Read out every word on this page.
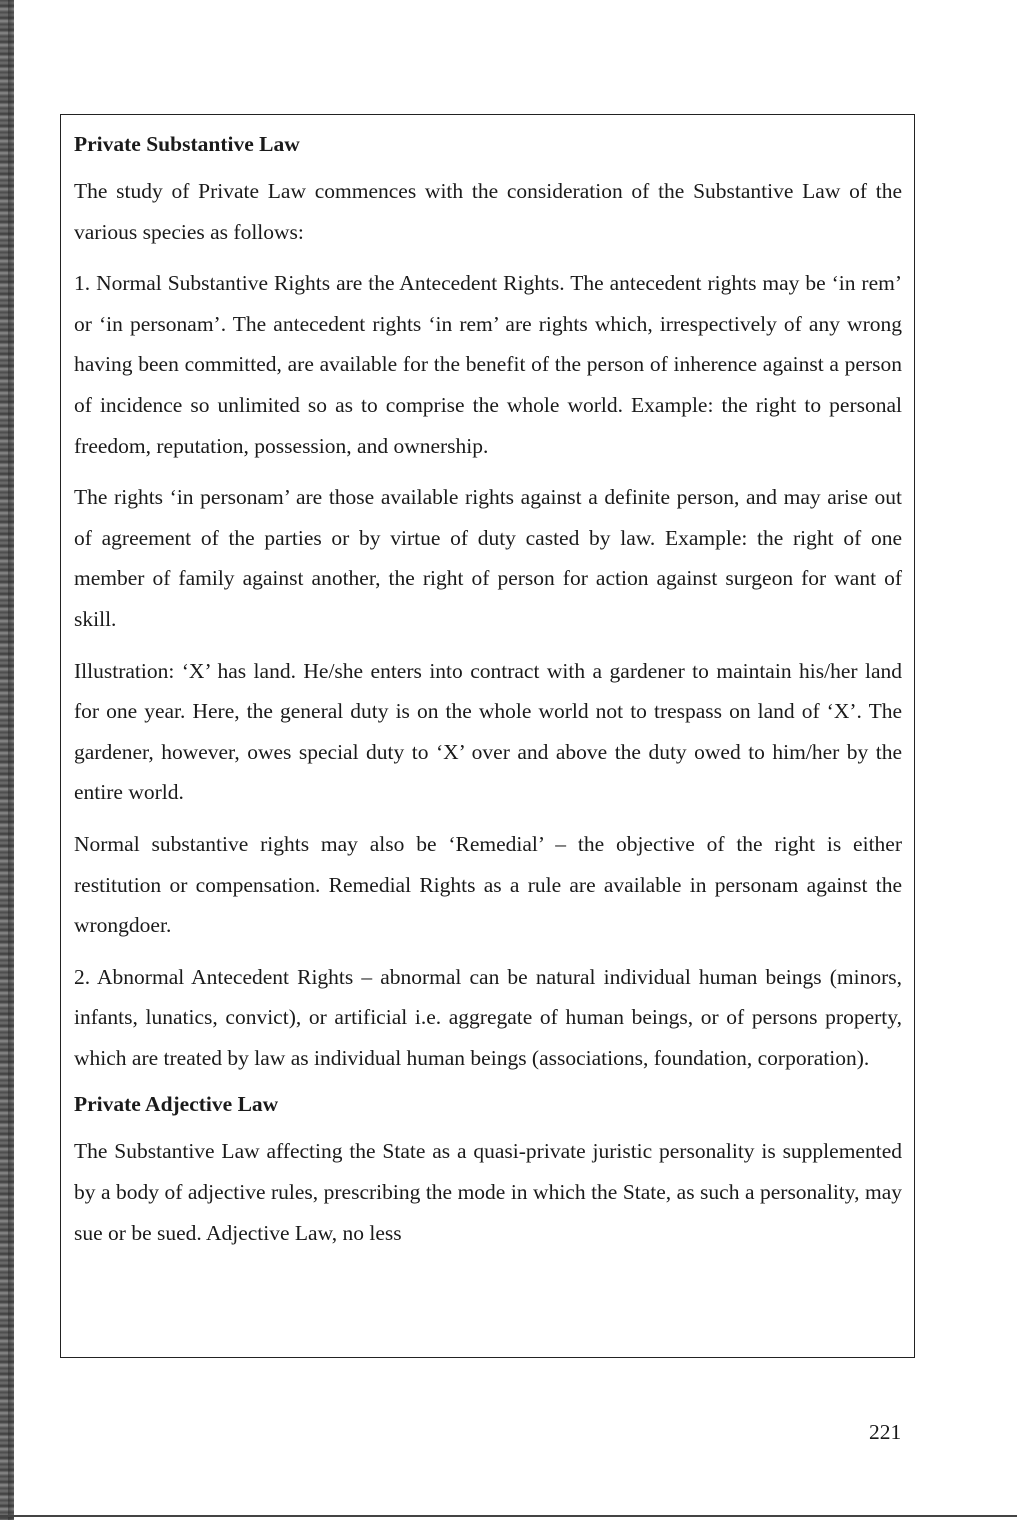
Private Substantive Law

The study of Private Law commences with the consideration of the Substantive Law of the various species as follows:

1. Normal Substantive Rights are the Antecedent Rights. The antecedent rights may be ‘in rem’ or ‘in personam’. The antecedent rights ‘in rem’ are rights which, irrespectively of any wrong having been committed, are available for the benefit of the person of inherence against a person of incidence so unlimited so as to comprise the whole world. Example: the right to personal freedom, reputation, possession, and ownership.

The rights ‘in personam’ are those available rights against a definite person, and may arise out of agreement of the parties or by virtue of duty casted by law. Example: the right of one member of family against another, the right of person for action against surgeon for want of skill.

Illustration: ‘X’ has land. He/she enters into contract with a gardener to maintain his/her land for one year. Here, the general duty is on the whole world not to trespass on land of ‘X’. The gardener, however, owes special duty to ‘X’ over and above the duty owed to him/her by the entire world.

Normal substantive rights may also be ‘Remedial’ – the objective of the right is either restitution or compensation. Remedial Rights as a rule are available in personam against the wrongdoer.

2. Abnormal Antecedent Rights – abnormal can be natural individual human beings (minors, infants, lunatics, convict), or artificial i.e. aggregate of human beings, or of persons property, which are treated by law as individual human beings (associations, foundation, corporation).

Private Adjective Law

The Substantive Law affecting the State as a quasi-private juristic personality is supplemented by a body of adjective rules, prescribing the mode in which the State, as such a personality, may sue or be sued. Adjective Law, no less

221
